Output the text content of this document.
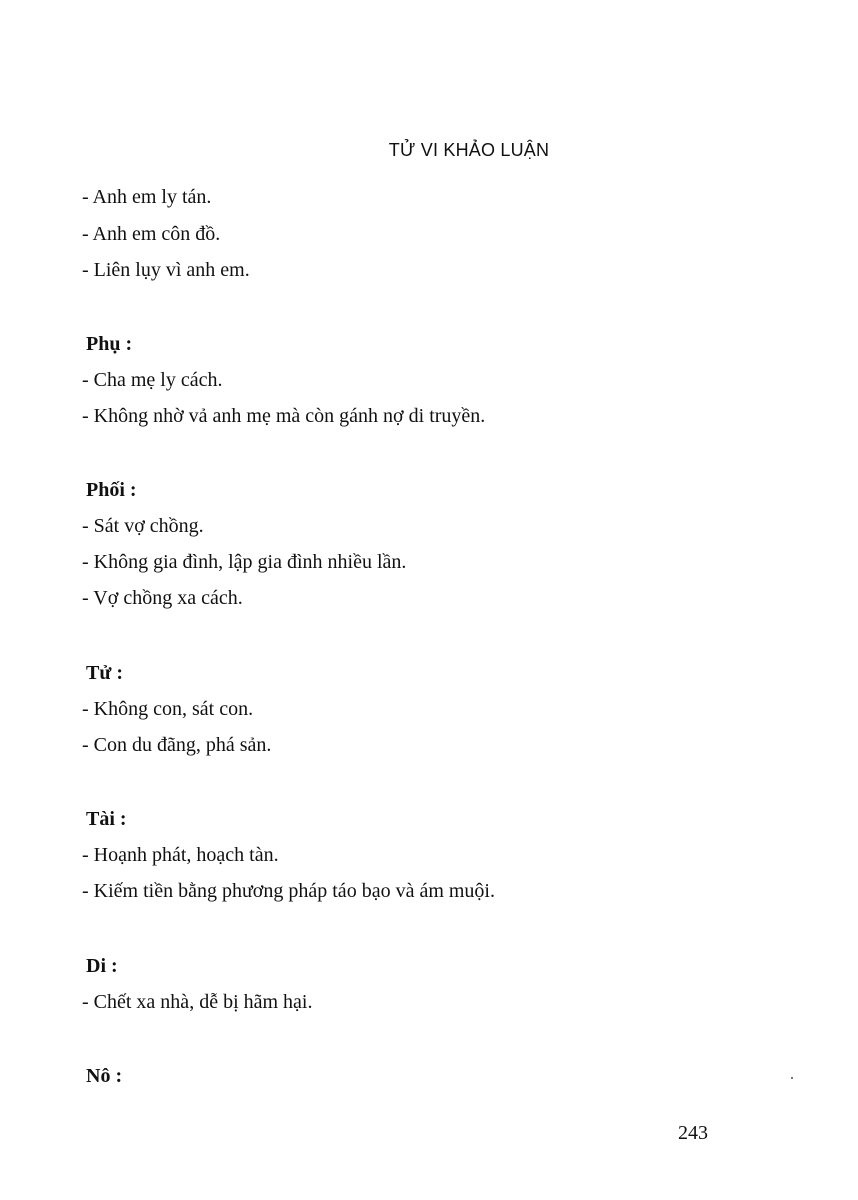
TỬ VI KHẢO LUẬN
- Anh em ly tán.
- Anh em côn đồ.
- Liên lụy vì anh em.
Phụ :
- Cha mẹ ly cách.
- Không nhờ vả anh mẹ mà còn gánh nợ di truyền.
Phối :
- Sát vợ chồng.
- Không gia đình, lập gia đình nhiều lần.
- Vợ chồng xa cách.
Tử :
- Không con, sát con.
- Con du đãng, phá sản.
Tài :
- Hoạnh phát, hoạch tàn.
- Kiếm tiền bằng phương pháp táo bạo và ám muội.
Di :
- Chết xa nhà, dễ bị hãm hại.
Nô :
243
